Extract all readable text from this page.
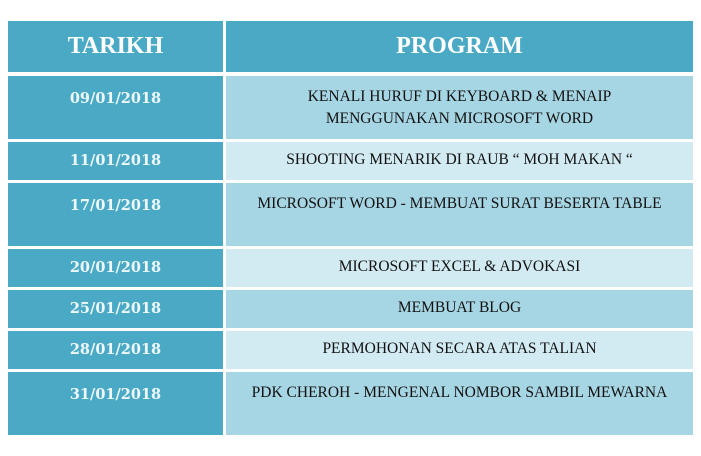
TARIKH	PROGRAM
09/01/2018	KENALI HURUF DI KEYBOARD & MENAIP MENGGUNAKAN MICROSOFT WORD
11/01/2018	SHOOTING MENARIK DI RAUB “ MOH MAKAN “
17/01/2018	MICROSOFT WORD - MEMBUAT SURAT BESERTA TABLE
20/01/2018	MICROSOFT EXCEL & ADVOKASI
25/01/2018	MEMBUAT BLOG
28/01/2018	PERMOHONAN SECARA ATAS TALIAN
31/01/2018	PDK CHEROH - MENGENAL NOMBOR SAMBIL MEWARNA
